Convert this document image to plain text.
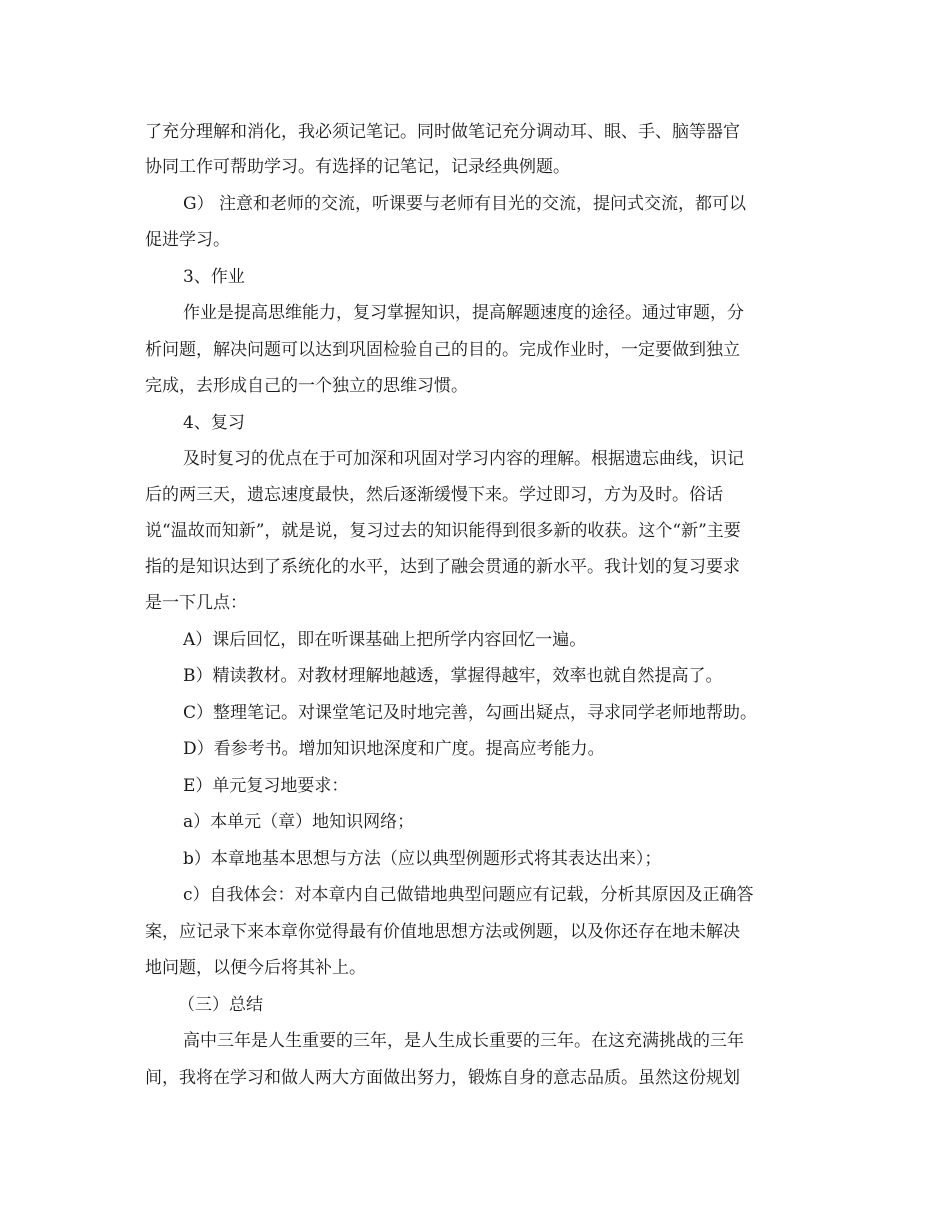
了充分理解和消化，我必须记笔记。同时做笔记充分调动耳、眼、手、脑等器官
协同工作可帮助学习。有选择的记笔记，记录经典例题。
G） 注意和老师的交流，听课要与老师有目光的交流，提问式交流，都可以
促进学习。
3、作业
作业是提高思维能力，复习掌握知识，提高解题速度的途径。通过审题，分
析问题，解决问题可以达到巩固检验自己的目的。完成作业时，一定要做到独立
完成，去形成自己的一个独立的思维习惯。
4、复习
及时复习的优点在于可加深和巩固对学习内容的理解。根据遗忘曲线，识记
后的两三天，遗忘速度最快，然后逐渐缓慢下来。学过即习，方为及时。俗话
说“温故而知新”，就是说，复习过去的知识能得到很多新的收获。这个“新”主要
指的是知识达到了系统化的水平，达到了融会贯通的新水平。我计划的复习要求
是一下几点：
A）课后回忆，即在听课基础上把所学内容回忆一遍。
B）精读教材。对教材理解地越透，掌握得越牢，效率也就自然提高了。
C）整理笔记。对课堂笔记及时地完善，勾画出疑点，寻求同学老师地帮助。
D）看参考书。增加知识地深度和广度。提高应考能力。
E）单元复习地要求：
a）本单元（章）地知识网络；
b）本章地基本思想与方法（应以典型例题形式将其表达出来）；
c）自我体会：对本章内自己做错地典型问题应有记载，分析其原因及正确答
案，应记录下来本章你觉得最有价值地思想方法或例题，以及你还存在地未解决
地问题，以便今后将其补上。
（三）总结
高中三年是人生重要的三年，是人生成长重要的三年。在这充满挑战的三年
间，我将在学习和做人两大方面做出努力，锻炼自身的意志品质。虽然这份规划
